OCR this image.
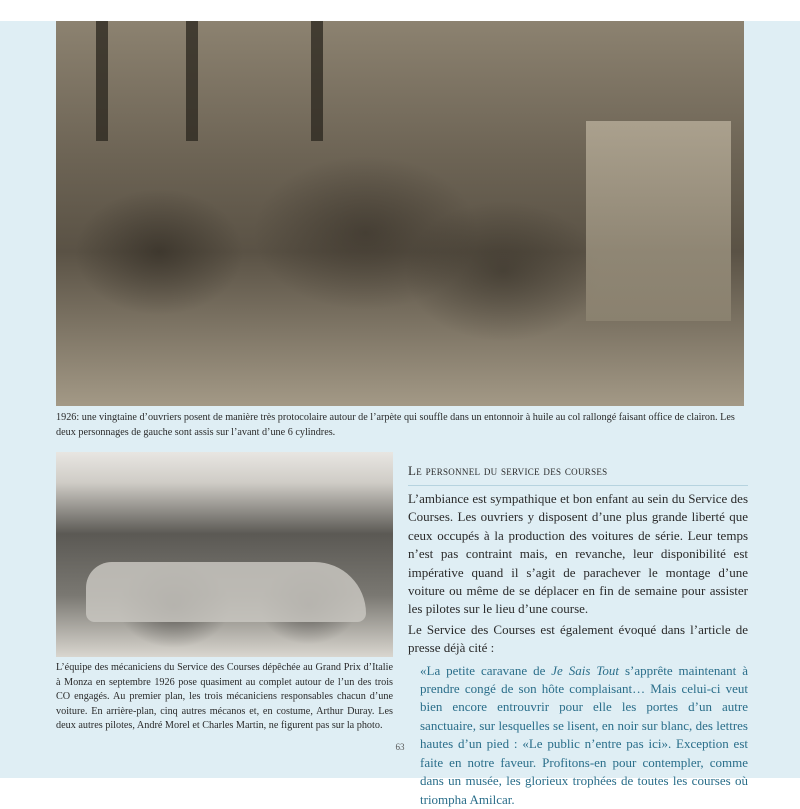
1926: une vingtaine d’ouvriers posent de manière très protocolaire autour de l’arpète qui souffle dans un entonnoir à huile au col rallongé faisant office de clairon. Les deux personnages de gauche sont assis sur l’avant d’une 6 cylindres.
L’équipe des mécaniciens du Service des Courses dépêchée au Grand Prix d’Italie à Monza en septembre 1926 pose quasiment au complet autour de l’un des trois CO engagés. Au premier plan, les trois mécaniciens responsables chacun d’une voiture. En arrière-plan, cinq autres mécanos et, en costume, Arthur Duray. Les deux autres pilotes, André Morel et Charles Martin, ne figurent pas sur la photo.
Le personnel du service des courses

L’ambiance est sympathique et bon enfant au sein du Service des Courses. Les ouvriers y disposent d’une plus grande liberté que ceux occupés à la production des voitures de série. Leur temps n’est pas contraint mais, en revanche, leur disponibilité est impérative quand il s’agit de parachever le montage d’une voiture ou même de se déplacer en fin de semaine pour assister les pilotes sur le lieu d’une course.

Le Service des Courses est également évoqué dans l’article de presse déjà cité :

«La petite caravane de Je Sais Tout s’apprête maintenant à prendre congé de son hôte complaisant… Mais celui-ci veut bien encore entrouvrir pour elle les portes d’un autre sanctuaire, sur lesquelles se lisent, en noir sur blanc, des lettres hautes d’un pied : «Le public n’entre pas ici». Exception est faite en notre faveur. Profitons-en pour contempler, comme dans un musée, les glorieux trophées de toutes les courses où triompha Amilcar.

63
